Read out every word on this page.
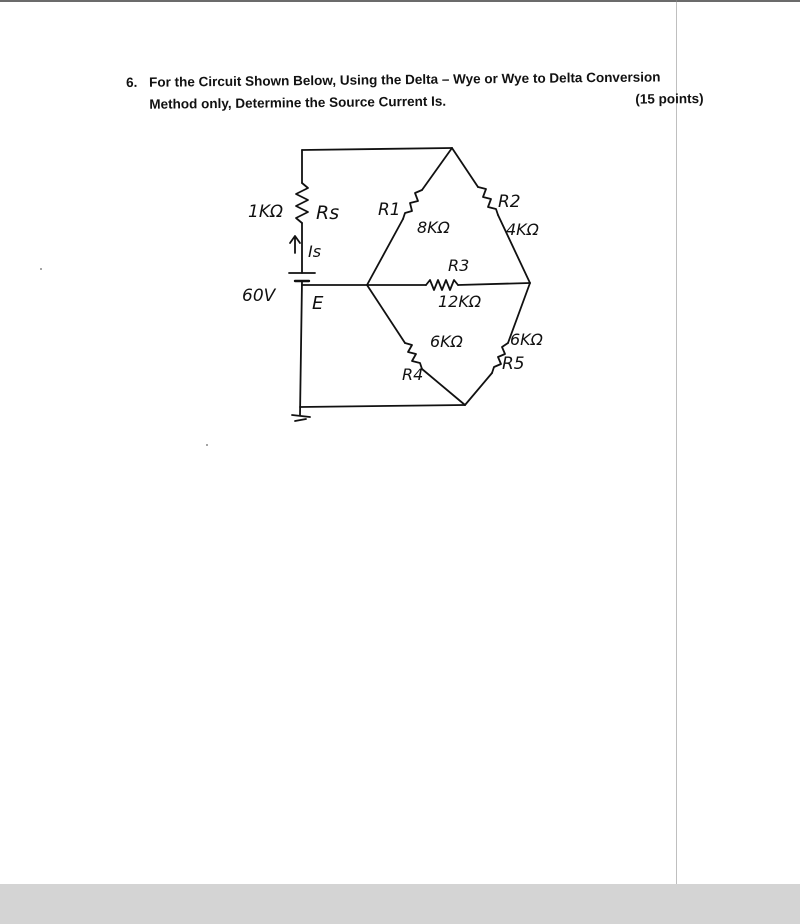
6. For the Circuit Shown Below, Using the Delta – Wye or Wye to Delta Conversion
Method only, Determine the Source Current Is.	(15 points)
1KΩ Rs
Is
60V E
R1
8KΩ
R2
4KΩ
R3
12KΩ
6KΩ
R4
6KΩ
R5
